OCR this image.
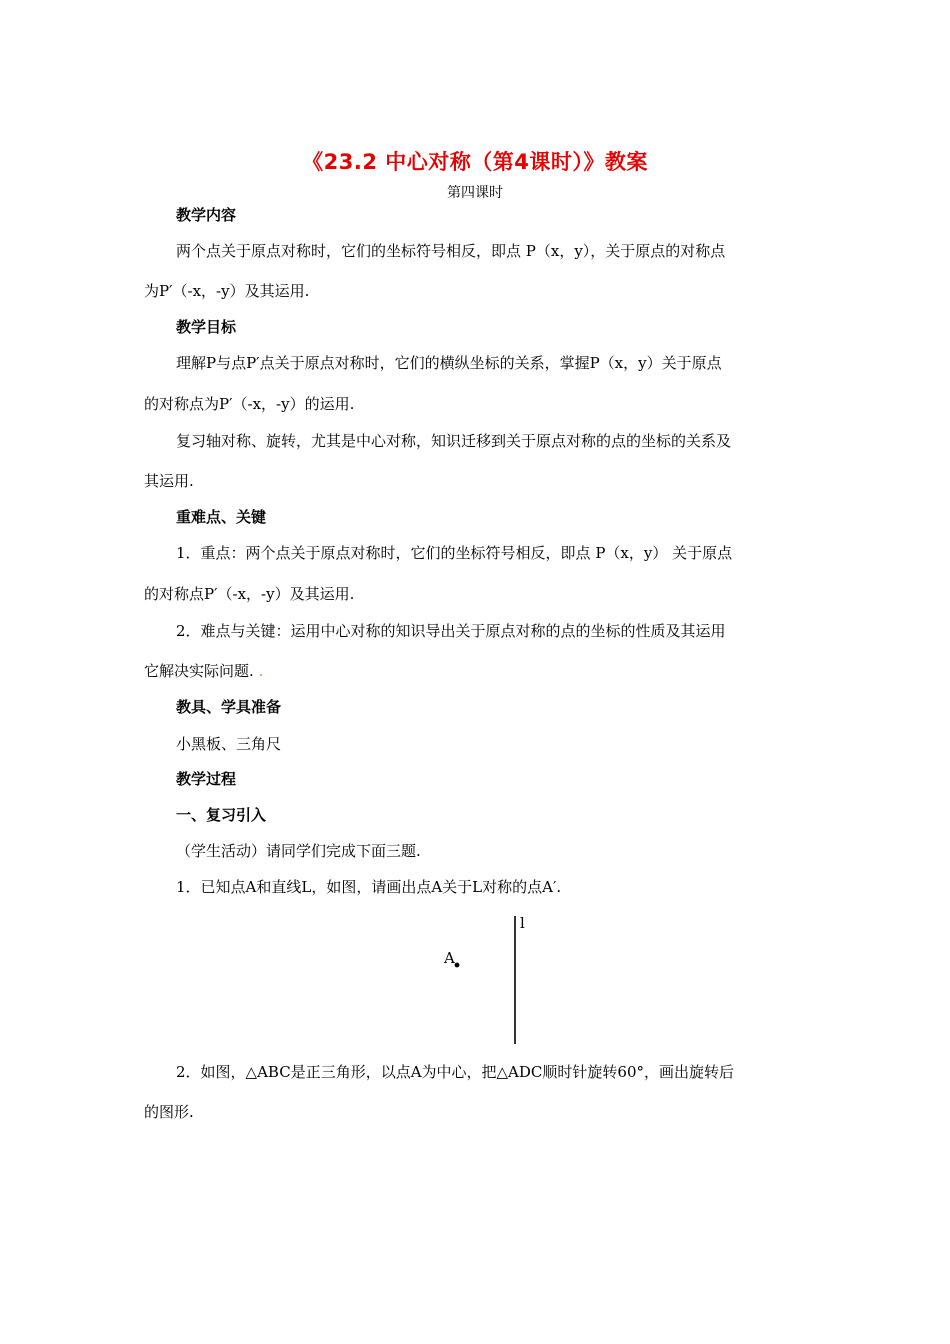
《23.2 中心对称（第4课时）》教案
第四课时
教学内容
两个点关于原点对称时，它们的坐标符号相反，即点 P（x，y），关于原点的对称点
为P′（-x，-y）及其运用.
教学目标
理解P与点P′点关于原点对称时，它们的横纵坐标的关系，掌握P（x，y）关于原点
的对称点为P′（-x，-y）的运用.
复习轴对称、旋转，尤其是中心对称，知识迁移到关于原点对称的点的坐标的关系及
其运用.
重难点、关键
1．重点：两个点关于原点对称时，它们的坐标符号相反，即点 P（x，y） 关于原点
的对称点P′（-x，-y）及其运用.
2．难点与关键：运用中心对称的知识导出关于原点对称的点的坐标的性质及其运用
它解决实际问题. .
教具、学具准备
小黑板、三角尺
教学过程
一、复习引入
（学生活动）请同学们完成下面三题.
1．已知点A和直线L，如图，请画出点A关于L对称的点A′.
l
A
2．如图，△ABC是正三角形，以点A为中心，把△ADC顺时针旋转60°，画出旋转后
的图形.
